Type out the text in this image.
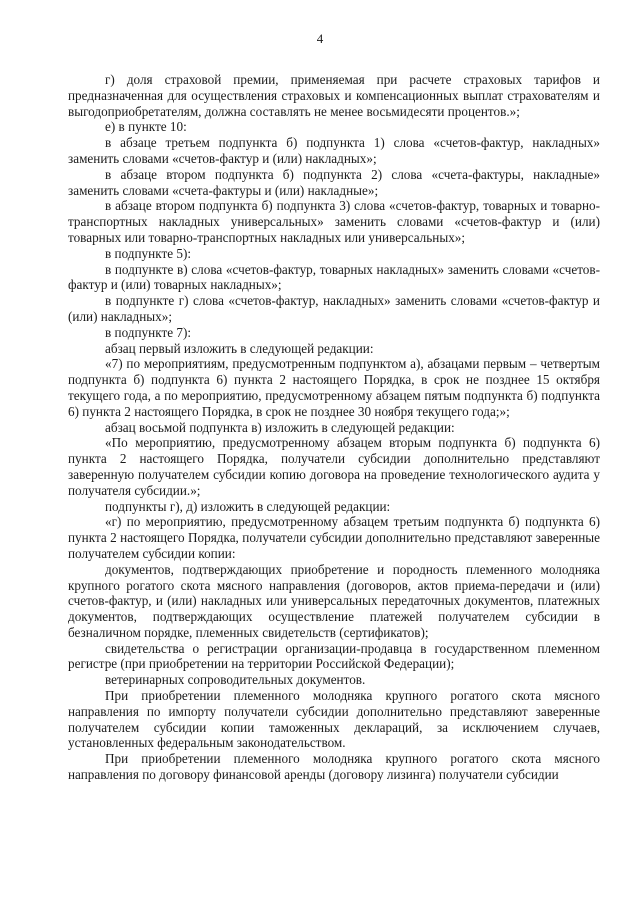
4

г) доля страховой премии, применяемая при расчете страховых тарифов и предназначенная для осуществления страховых и компенсационных выплат страхователям и выгодоприобретателям, должна составлять не менее восьмидесяти процентов.»;

е) в пункте 10:

в абзаце третьем подпункта б) подпункта 1) слова «счетов-фактур, накладных» заменить словами «счетов-фактур и (или) накладных»;

в абзаце втором подпункта б) подпункта 2) слова «счета-фактуры, накладные» заменить словами «счета-фактуры и (или) накладные»;

в абзаце втором подпункта б) подпункта 3) слова «счетов-фактур, товарных и товарно-транспортных накладных универсальных» заменить словами «счетов-фактур и (или) товарных или товарно-транспортных накладных или универсальных»;

в подпункте 5):

в подпункте в) слова «счетов-фактур, товарных накладных» заменить словами «счетов-фактур и (или) товарных накладных»;

в подпункте г) слова «счетов-фактур, накладных» заменить словами «счетов-фактур и (или) накладных»;

в подпункте 7):

абзац первый изложить в следующей редакции:

«7) по мероприятиям, предусмотренным подпунктом а), абзацами первым – четвертым подпункта б) подпункта 6) пункта 2 настоящего Порядка, в срок не позднее 15 октября текущего года, а по мероприятию, предусмотренному абзацем пятым подпункта б) подпункта 6) пункта 2 настоящего Порядка, в срок не позднее 30 ноября текущего года;»;

абзац восьмой подпункта в) изложить в следующей редакции:

«По мероприятию, предусмотренному абзацем вторым подпункта б) подпункта 6) пункта 2 настоящего Порядка, получатели субсидии дополнительно представляют заверенную получателем субсидии копию договора на проведение технологического аудита у получателя субсидии.»;

подпункты г), д) изложить в следующей редакции:

«г) по мероприятию, предусмотренному абзацем третьим подпункта б) подпункта 6) пункта 2 настоящего Порядка, получатели субсидии дополнительно представляют заверенные получателем субсидии копии:

документов, подтверждающих приобретение и породность племенного молодняка крупного рогатого скота мясного направления (договоров, актов приема-передачи и (или) счетов-фактур, и (или) накладных или универсальных передаточных документов, платежных документов, подтверждающих осуществление платежей получателем субсидии в безналичном порядке, племенных свидетельств (сертификатов);

свидетельства о регистрации организации-продавца в государственном племенном регистре (при приобретении на территории Российской Федерации);

ветеринарных сопроводительных документов.

При приобретении племенного молодняка крупного рогатого скота мясного направления по импорту получатели субсидии дополнительно представляют заверенные получателем субсидии копии таможенных деклараций, за исключением случаев, установленных федеральным законодательством.

При приобретении племенного молодняка крупного рогатого скота мясного направления по договору финансовой аренды (договору лизинга) получатели субсидии
